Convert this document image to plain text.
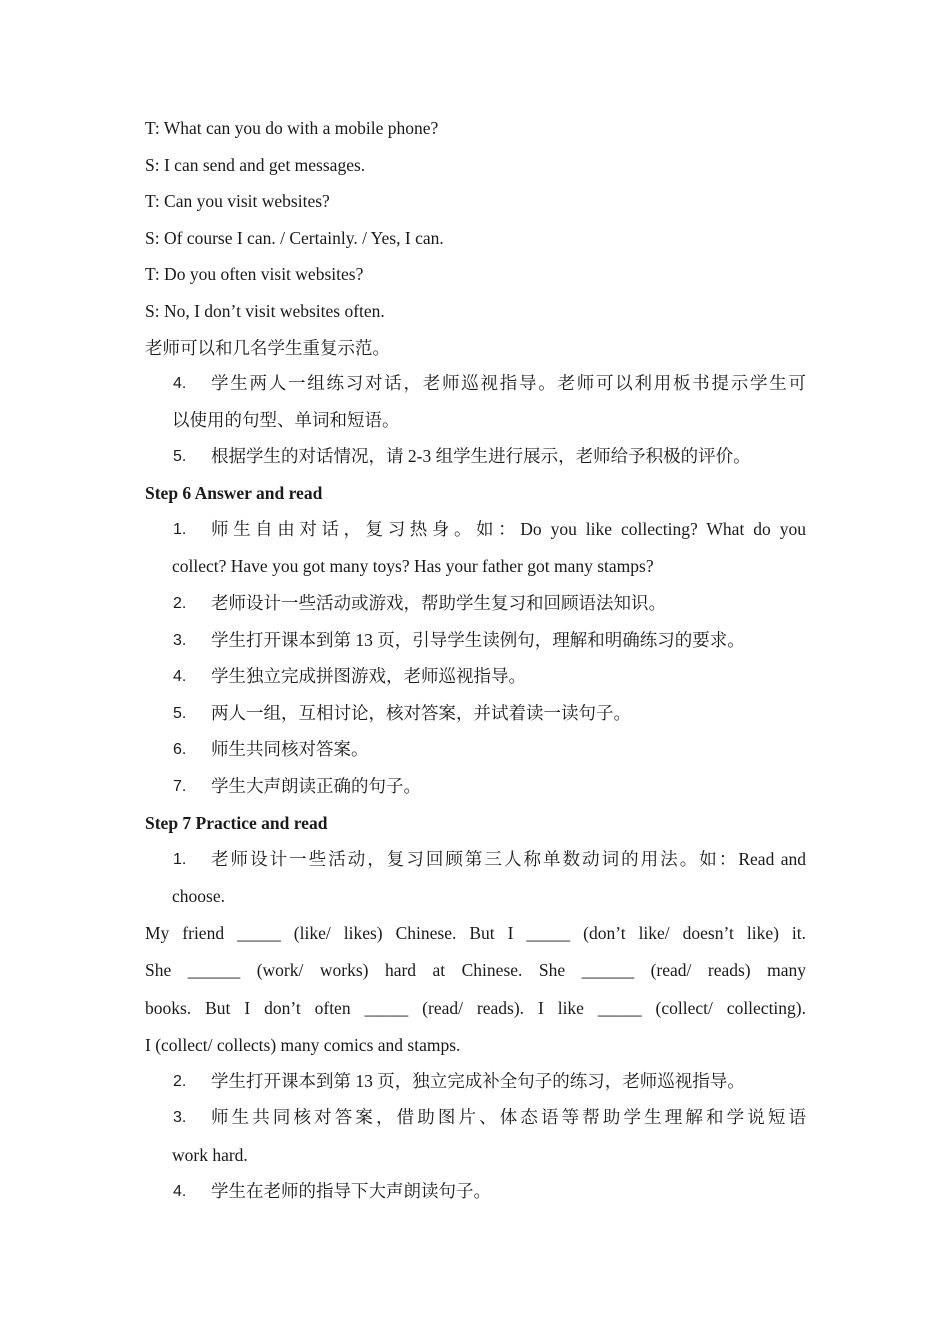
T: What can you do with a mobile phone?
S: I can send and get messages.
T: Can you visit websites?
S: Of course I can. / Certainly. / Yes, I can.
T: Do you often visit websites?
S: No, I don’t visit websites often.
老师可以和几名学生重复示范。
4.	学生两人一组练习对话，老师巡视指导。老师可以利用板书提示学生可
以使用的句型、单词和短语。
5.	根据学生的对话情况，请 2-3 组学生进行展示，老师给予积极的评价。
Step 6 Answer and read
1.	师生自由对话，复习热身。如：Do you like collecting? What do you
collect? Have you got many toys? Has your father got many stamps?
2.	老师设计一些活动或游戏，帮助学生复习和回顾语法知识。
3.	学生打开课本到第 13 页，引导学生读例句，理解和明确练习的要求。
4.	学生独立完成拼图游戏，老师巡视指导。
5.	两人一组，互相讨论，核对答案，并试着读一读句子。
6.	师生共同核对答案。
7.	学生大声朗读正确的句子。
Step 7 Practice and read
1.	老师设计一些活动，复习回顾第三人称单数动词的用法。如：Read and
choose.
My friend _____ (like/ likes) Chinese. But I _____ (don’t like/ doesn’t like) it.
She ______ (work/ works) hard at Chinese. She ______ (read/ reads) many
books. But I don’t often _____ (read/ reads). I like _____ (collect/ collecting).
I (collect/ collects) many comics and stamps.
2.	学生打开课本到第 13 页，独立完成补全句子的练习，老师巡视指导。
3.	师生共同核对答案，借助图片、体态语等帮助学生理解和学说短语
work hard.
4.	学生在老师的指导下大声朗读句子。
